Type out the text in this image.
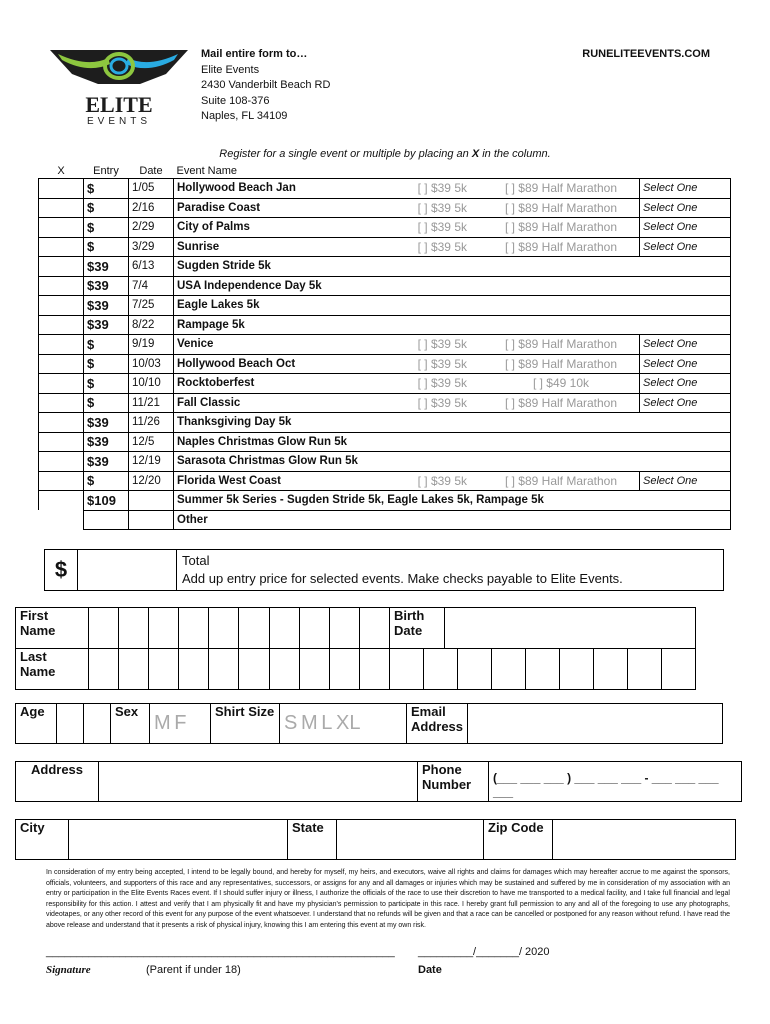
ELITE
EVENTS
Mail entire form to…
Elite Events
2430 Vanderbilt Beach RD
Suite 108-376
Naples, FL 34109
RUNELITEEVENTS.COM
Register for a single event or multiple by placing an X in the column.
X	Entry	Date	Event Name			
	$	1/05	Hollywood Beach Jan	[ ] $39 5k	[ ] $89 Half Marathon	Select One
	$	2/16	Paradise Coast	[ ] $39 5k	[ ] $89 Half Marathon	Select One
	$	2/29	City of Palms	[ ] $39 5k	[ ] $89 Half Marathon	Select One
	$	3/29	Sunrise	[ ] $39 5k	[ ] $89 Half Marathon	Select One
	$39	6/13	Sugden Stride 5k			
	$39	7/4	USA Independence Day 5k			
	$39	7/25	Eagle Lakes 5k			
	$39	8/22	Rampage 5k			
	$	9/19	Venice	[ ] $39 5k	[ ] $89 Half Marathon	Select One
	$	10/03	Hollywood Beach Oct	[ ] $39 5k	[ ] $89 Half Marathon	Select One
	$	10/10	Rocktoberfest	[ ] $39 5k	[ ] $49 10k	Select One
	$	11/21	Fall Classic	[ ] $39 5k	[ ] $89 Half Marathon	Select One
	$39	11/26	Thanksgiving Day 5k			
	$39	12/5	Naples Christmas Glow Run 5k			
	$39	12/19	Sarasota Christmas Glow Run 5k			
	$	12/20	Florida West Coast	[ ] $39 5k	[ ] $89 Half Marathon	Select One
	$109		Summer 5k Series - Sugden Stride 5k, Eagle Lakes 5k, Rampage 5k			
			Other			
$		Total
Add up entry price for selected events. Make checks payable to Elite Events.
First Name		Birth Date	
Last Name		

Age			Sex	M F	Shirt Size	S M L XL	Email Address	
Address		Phone Number	(___ ___ ___ ) ___ ___ ___ - ___ ___ ___ ___
City		State		Zip Code	
In consideration of my entry being accepted, I intend to be legally bound, and hereby for myself, my heirs, and executors, waive all rights and claims for damages which may hereafter accrue to me against the sponsors, officials, volunteers, and supporters of this race and any representatives, successors, or assigns for any and all damages or injuries which may be sustained and suffered by me in consideration of my association with an entry or participation in the Elite Events Races event. If I should suffer injury or illness, I authorize the officials of the race to use their discretion to have me transported to a medical facility, and I take full financial and legal responsibility for this action. I attest and verify that I am physically fit and have my physician's permission to participate in this race. I hereby grant full permission to any and all of the foregoing to use any photographs, videotapes, or any other record of this event for any purpose of the event whatsoever. I understand that no refunds will be given and that a race can be cancelled or postponed for any reason without refund. I have read the above release and understand that it presents a risk of physical injury, knowing this I am entering this event at my own risk.
_________________________________________________________ _________/_______/ 2020
Signature	(Parent if under 18)	Date
